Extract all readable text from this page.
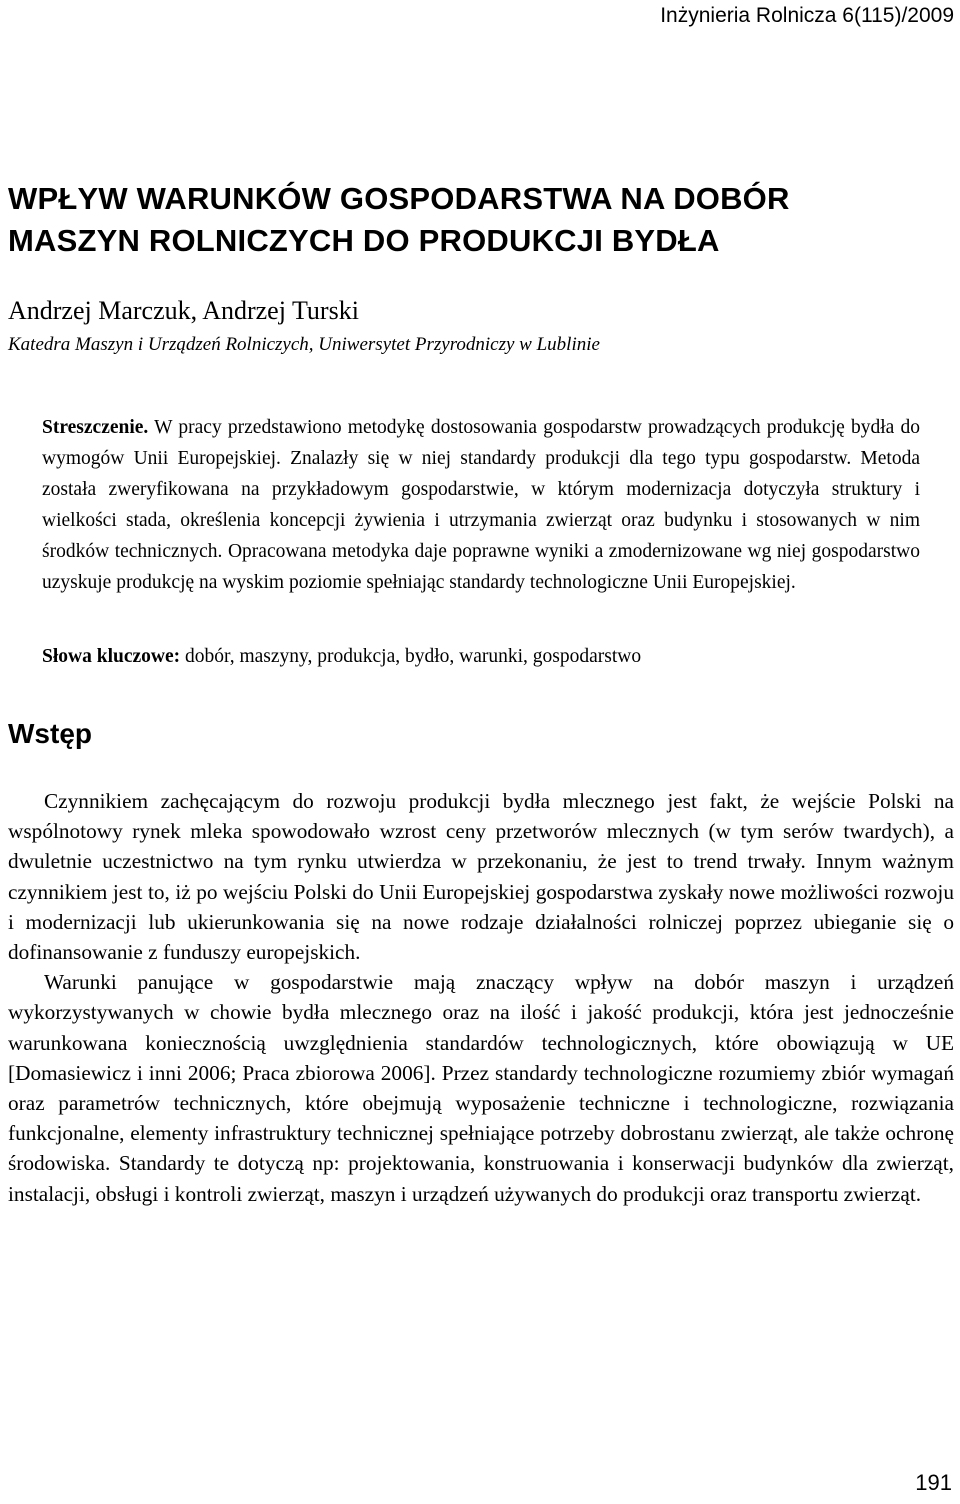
Inżynieria Rolnicza 6(115)/2009
WPŁYW WARUNKÓW GOSPODARSTWA NA DOBÓR
MASZYN ROLNICZYCH DO PRODUKCJI BYDŁA
Andrzej Marczuk, Andrzej Turski
Katedra Maszyn i Urządzeń Rolniczych, Uniwersytet Przyrodniczy w Lublinie
Streszczenie. W pracy przedstawiono metodykę dostosowania gospodarstw prowadzących produkcję bydła do wymogów Unii Europejskiej. Znalazły się w niej standardy produkcji dla tego typu gospodarstw. Metoda została zweryfikowana na przykładowym gospodarstwie, w którym modernizacja dotyczyła struktury i wielkości stada, określenia koncepcji żywienia i utrzymania zwierząt oraz budynku i stosowanych w nim środków technicznych. Opracowana metodyka daje poprawne wyniki a zmodernizowane wg niej gospodarstwo uzyskuje produkcję na wyskim poziomie spełniając standardy technologiczne Unii Europejskiej.
Słowa kluczowe: dobór, maszyny, produkcja, bydło, warunki, gospodarstwo
Wstęp

Czynnikiem zachęcającym do rozwoju produkcji bydła mlecznego jest fakt, że wejście Polski na wspólnotowy rynek mleka spowodowało wzrost ceny przetworów mlecznych (w tym serów twardych), a dwuletnie uczestnictwo na tym rynku utwierdza w przekonaniu, że jest to trend trwały. Innym ważnym czynnikiem jest to, iż po wejściu Polski do Unii Europejskiej gospodarstwa zyskały nowe możliwości rozwoju i modernizacji lub ukierunkowania się na nowe rodzaje działalności rolniczej poprzez ubieganie się o dofinansowanie z funduszy europejskich.

Warunki panujące w gospodarstwie mają znaczący wpływ na dobór maszyn i urządzeń wykorzystywanych w chowie bydła mlecznego oraz na ilość i jakość produkcji, która jest jednocześnie warunkowana koniecznością uwzględnienia standardów technologicznych, które obowiązują w UE [Domasiewicz i inni 2006; Praca zbiorowa 2006]. Przez standardy technologiczne rozumiemy zbiór wymagań oraz parametrów technicznych, które obejmują wyposażenie techniczne i technologiczne, rozwiązania funkcjonalne, elementy infrastruktury technicznej spełniające potrzeby dobrostanu zwierząt, ale także ochronę środowiska. Standardy te dotyczą np: projektowania, konstruowania i konserwacji budynków dla zwierząt, instalacji, obsługi i kontroli zwierząt, maszyn i urządzeń używanych do produkcji oraz transportu zwierząt.

191
